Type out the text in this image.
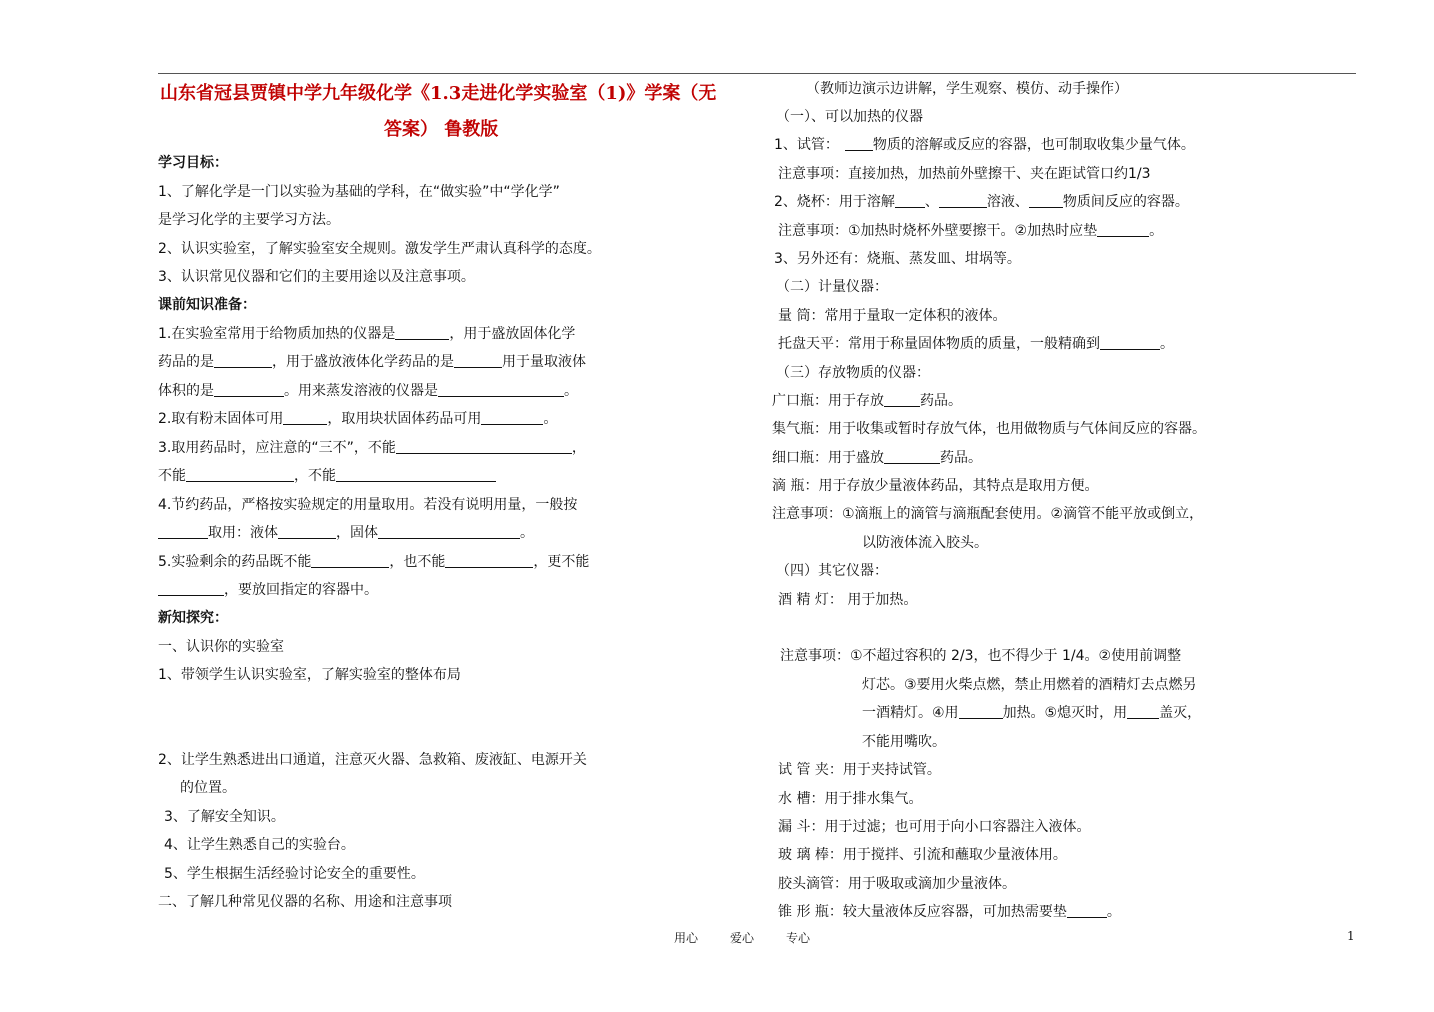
山东省冠县贾镇中学九年级化学《1.3走进化学实验室（1)》学案（无
答案） 鲁教版
学习目标：
1、了解化学是一门以实验为基础的学科，在“做实验”中“学化学”
是学习化学的主要学习方法。
2、认识实验室，了解实验室安全规则。激发学生严肃认真科学的态度。
3、认识常见仪器和它们的主要用途以及注意事项。
课前知识准备：
1.在实验室常用于给物质加热的仪器是	，用于盛放固体化学
药品的是	，用于盛放液体化学药品的是	用于量取液体
体积的是	。用来蒸发溶液的仪器是	。
2.取有粉末固体可用	，取用块状固体药品可用	。
3.取用药品时，应注意的“三不”，不能	，
不能	，不能
4.节约药品，严格按实验规定的用量取用。若没有说明用量，一般按
取用：液体	，固体	。
5.实验剩余的药品既不能	，也不能	，更不能
，要放回指定的容器中。
新知探究：
一、认识你的实验室
1、带领学生认识实验室，了解实验室的整体布局
2、让学生熟悉进出口通道，注意灭火器、急救箱、废液缸、电源开关
的位置。
3、了解安全知识。
4、让学生熟悉自己的实验台。
5、学生根据生活经验讨论安全的重要性。
二、了解几种常见仪器的名称、用途和注意事项
（教师边演示边讲解，学生观察、模仿、动手操作）
（一）、可以加热的仪器
1、试管： 物质的溶解或反应的容器，也可制取收集少量气体。
注意事项：直接加热，加热前外壁擦干、夹在距试管口约1/3
2、烧杯：用于溶解 、	溶液、 物质间反应的容器。
注意事项：①加热时烧杯外壁要擦干。②加热时应垫	。
3、另外还有：烧瓶、蒸发皿、坩埚等。
（二）计量仪器：
量 筒：常用于量取一定体积的液体。
托盘天平：常用于称量固体物质的质量，一般精确到	。
（三）存放物质的仪器：
广口瓶：用于存放	药品。
集气瓶：用于收集或暂时存放气体，也用做物质与气体间反应的容器。
细口瓶：用于盛放	药品。
滴 瓶：用于存放少量液体药品，其特点是取用方便。
注意事项：①滴瓶上的滴管与滴瓶配套使用。②滴管不能平放或倒立，
以防液体流入胶头。
（四）其它仪器：
酒 精 灯： 用于加热。
注意事项：①不超过容积的 2/3，也不得少于 1/4。②使用前调整
灯芯。③要用火柴点燃，禁止用燃着的酒精灯去点燃另
一酒精灯。④用	加热。⑤熄灭时，用 盖灭，
不能用嘴吹。
试 管 夹：用于夹持试管。
水 槽：用于排水集气。
漏 斗：用于过滤；也可用于向小口容器注入液体。
玻 璃 棒：用于搅拌、引流和蘸取少量液体用。
胶头滴管：用于吸取或滴加少量液体。
锥 形 瓶：较大量液体反应容器，可加热需要垫	。
用心	爱心	专心	1
